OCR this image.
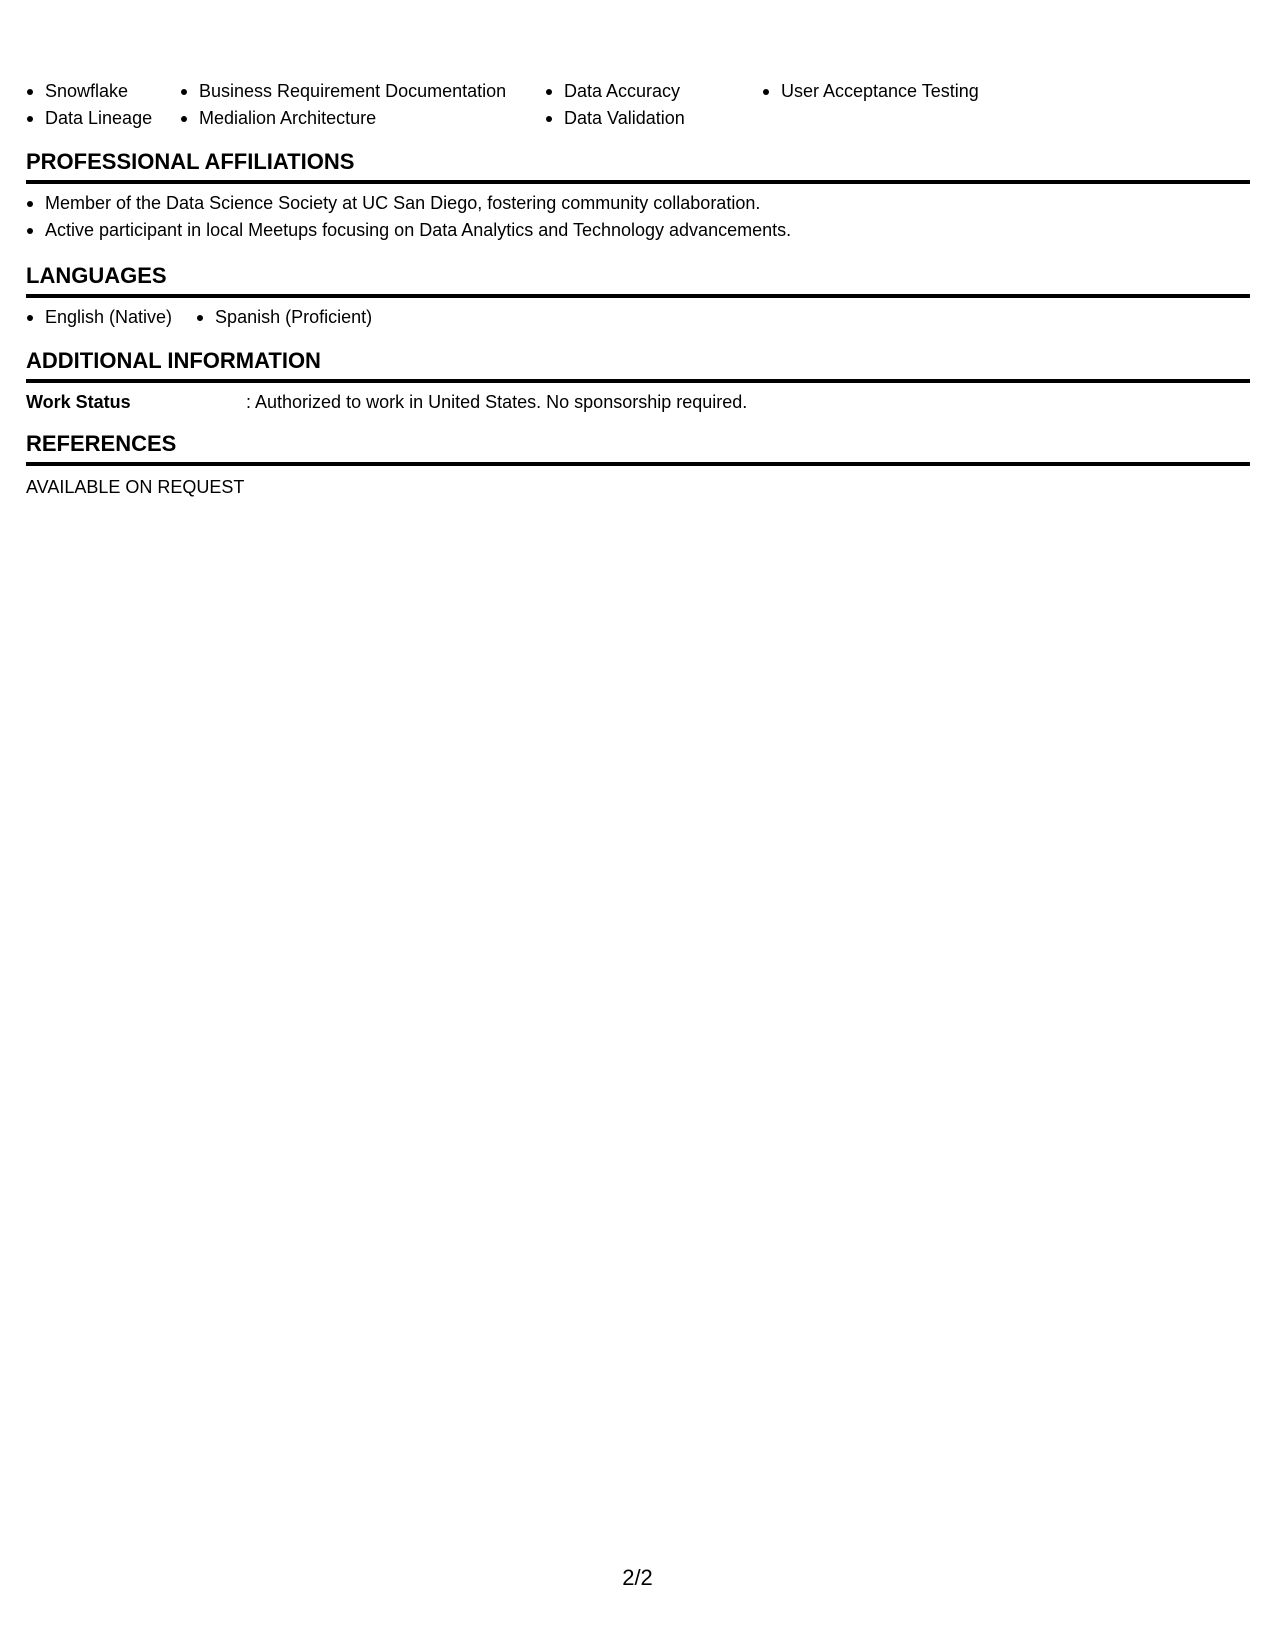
Snowflake
Data Lineage
Business Requirement Documentation
Medialion Architecture
Data Accuracy
Data Validation
User Acceptance Testing
PROFESSIONAL AFFILIATIONS
Member of the Data Science Society at UC San Diego, fostering community collaboration.
Active participant in local Meetups focusing on Data Analytics and Technology advancements.
LANGUAGES
English (Native)	Spanish (Proficient)
ADDITIONAL INFORMATION
Work Status	: Authorized to work in United States. No sponsorship required.
REFERENCES
AVAILABLE ON REQUEST
2/2
